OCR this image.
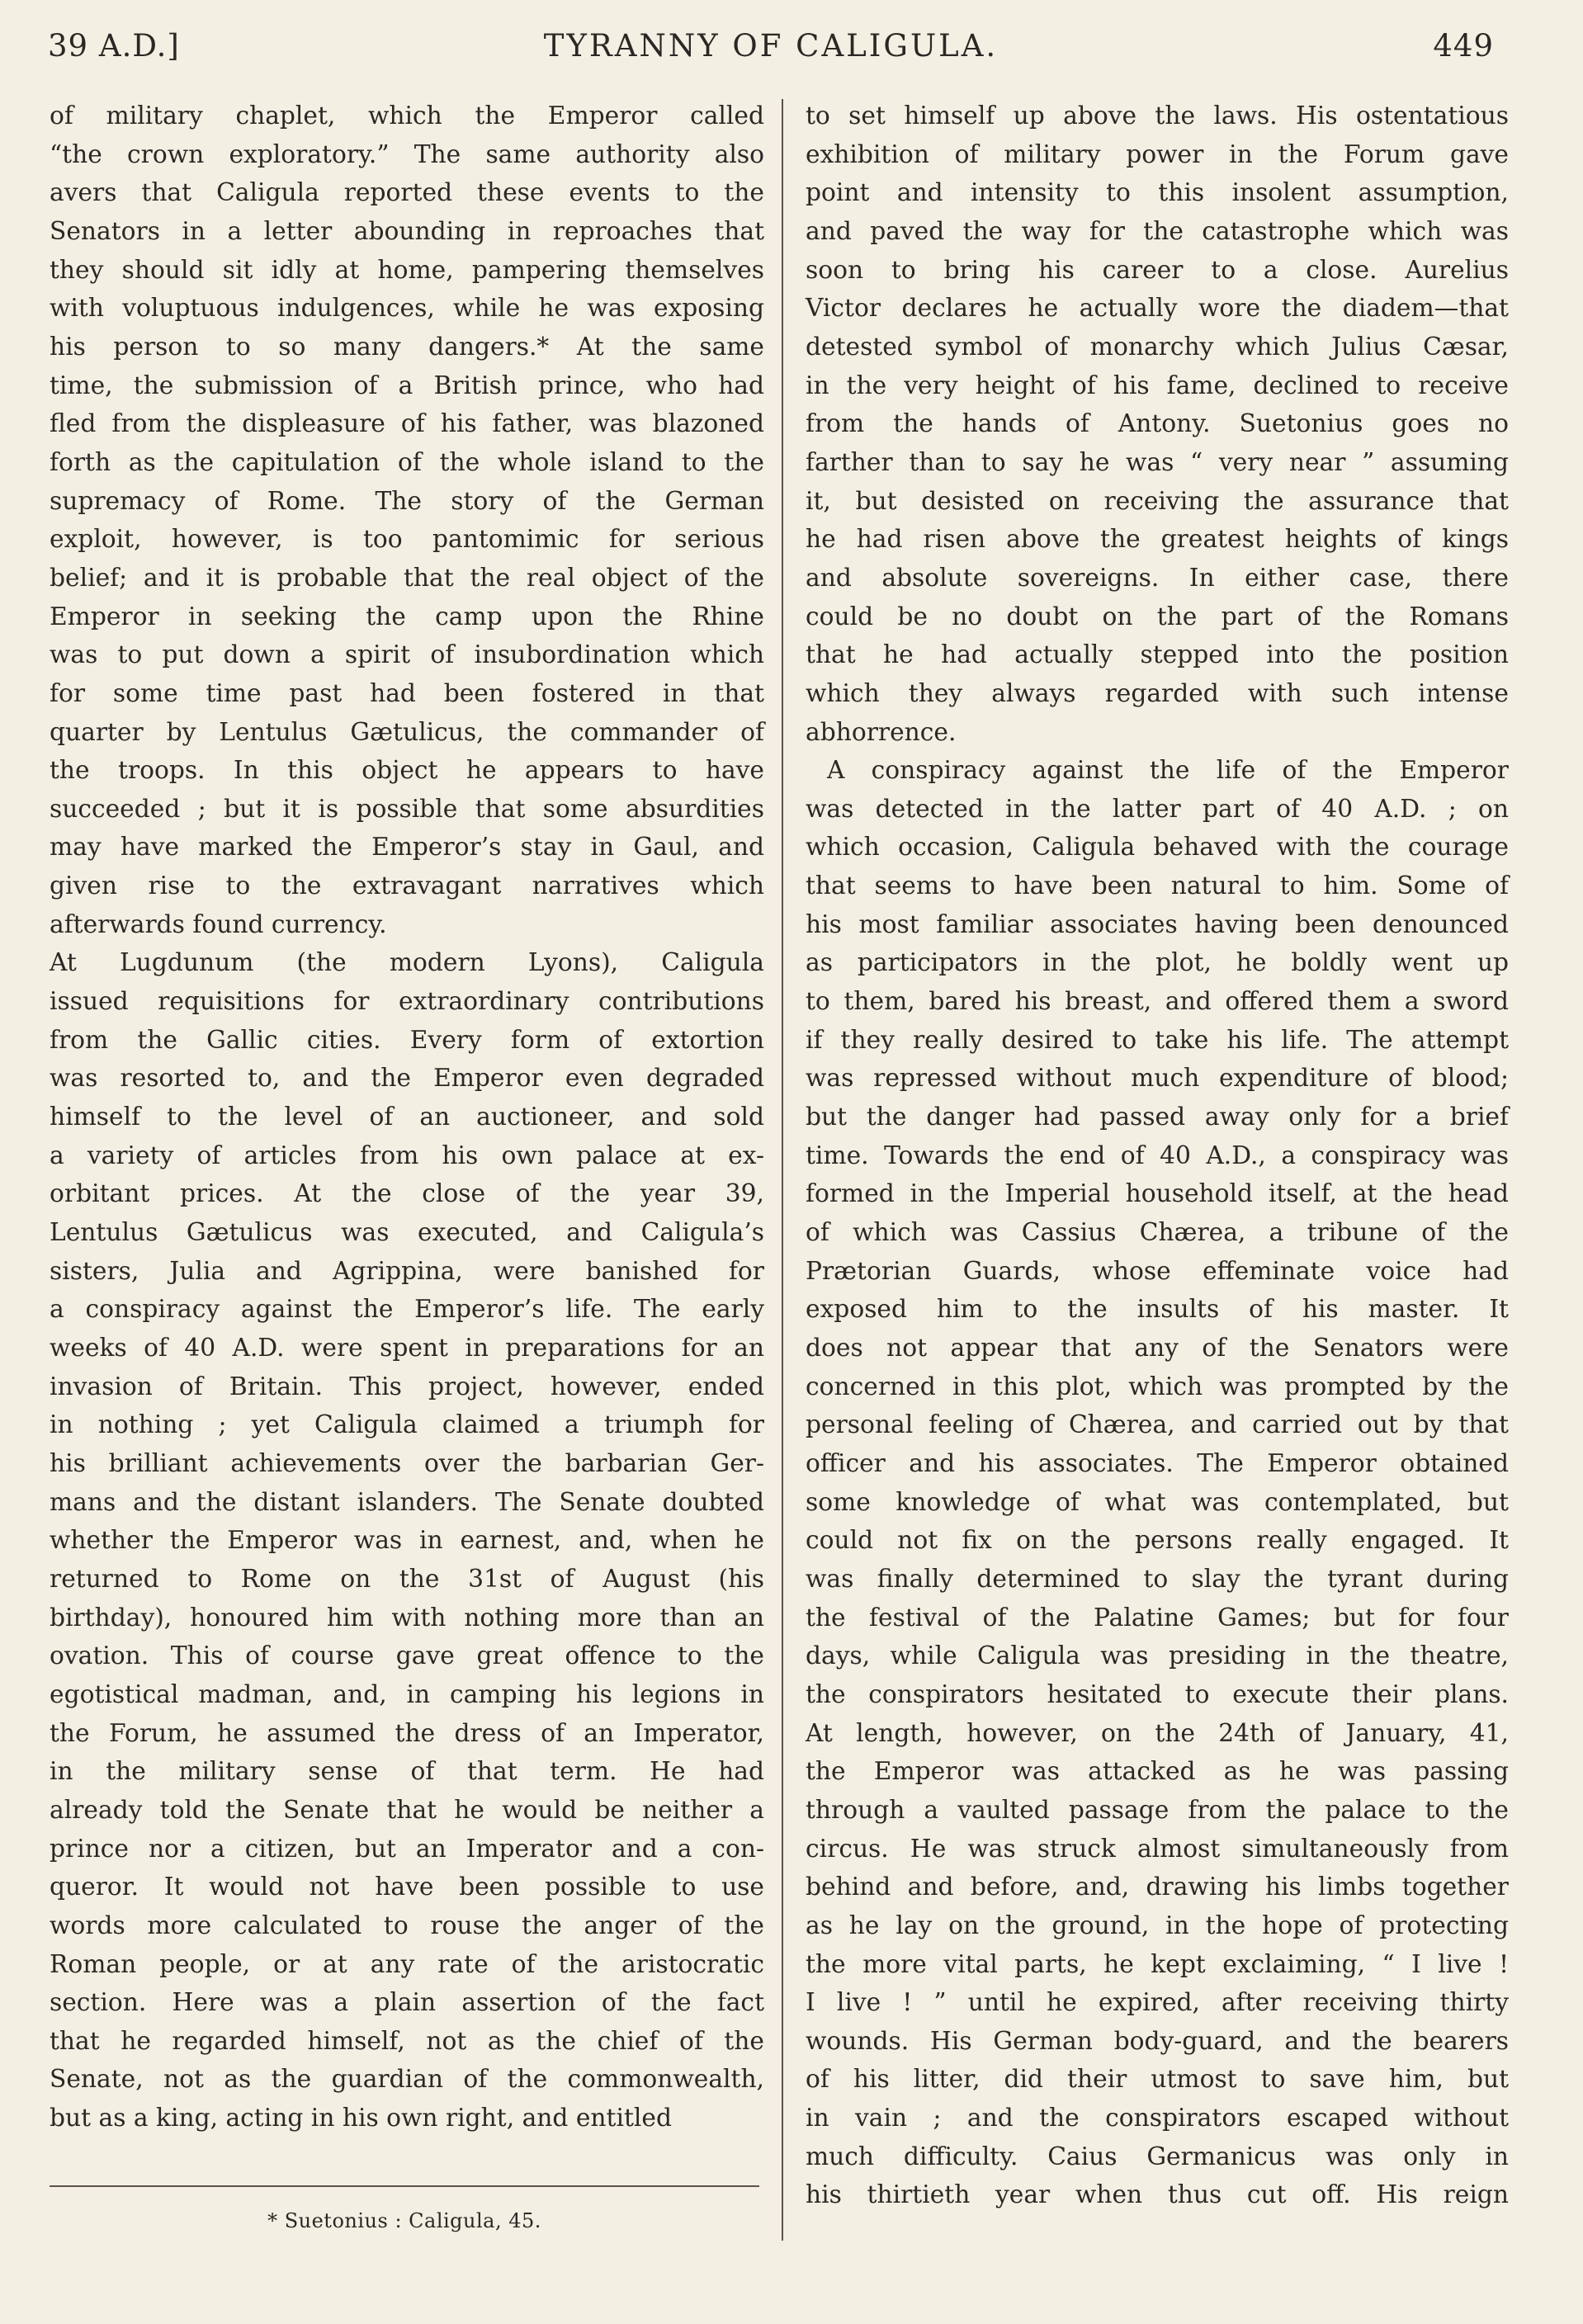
39 A.D.]	TYRANNY OF CALIGULA.	449
of military chaplet, which the Emperor called
“the crown exploratory.” The same authority also
avers that Caligula reported these events to the
Senators in a letter abounding in reproaches that
they should sit idly at home, pampering themselves
with voluptuous indulgences, while he was exposing
his person to so many dangers.* At the same
time, the submission of a British prince, who had
fled from the displeasure of his father, was blazoned
forth as the capitulation of the whole island to the
supremacy of Rome. The story of the German
exploit, however, is too pantomimic for serious
belief; and it is probable that the real object of the
Emperor in seeking the camp upon the Rhine
was to put down a spirit of insubordination which
for some time past had been fostered in that
quarter by Lentulus Gætulicus, the commander of
the troops. In this object he appears to have
succeeded ; but it is possible that some absurdities
may have marked the Emperor’s stay in Gaul, and
given rise to the extravagant narratives which
afterwards found currency.
At Lugdunum (the modern Lyons), Caligula
issued requisitions for extraordinary contributions
from the Gallic cities. Every form of extortion
was resorted to, and the Emperor even degraded
himself to the level of an auctioneer, and sold
a variety of articles from his own palace at ex-
orbitant prices. At the close of the year 39,
Lentulus Gætulicus was executed, and Caligula’s
sisters, Julia and Agrippina, were banished for
a conspiracy against the Emperor’s life. The early
weeks of 40 A.D. were spent in preparations for an
invasion of Britain. This project, however, ended
in nothing ; yet Caligula claimed a triumph for
his brilliant achievements over the barbarian Ger-
mans and the distant islanders. The Senate doubted
whether the Emperor was in earnest, and, when he
returned to Rome on the 31st of August (his
birthday), honoured him with nothing more than an
ovation. This of course gave great offence to the
egotistical madman, and, in camping his legions in
the Forum, he assumed the dress of an Imperator,
in the military sense of that term. He had
already told the Senate that he would be neither a
prince nor a citizen, but an Imperator and a con-
queror. It would not have been possible to use
words more calculated to rouse the anger of the
Roman people, or at any rate of the aristocratic
section. Here was a plain assertion of the fact
that he regarded himself, not as the chief of the
Senate, not as the guardian of the commonwealth,
but as a king, acting in his own right, and entitled
to set himself up above the laws. His ostentatious
exhibition of military power in the Forum gave
point and intensity to this insolent assumption,
and paved the way for the catastrophe which was
soon to bring his career to a close. Aurelius
Victor declares he actually wore the diadem—that
detested symbol of monarchy which Julius Cæsar,
in the very height of his fame, declined to receive
from the hands of Antony. Suetonius goes no
farther than to say he was “ very near ” assuming
it, but desisted on receiving the assurance that
he had risen above the greatest heights of kings
and absolute sovereigns. In either case, there
could be no doubt on the part of the Romans
that he had actually stepped into the position
which they always regarded with such intense
abhorrence.
A conspiracy against the life of the Emperor
was detected in the latter part of 40 A.D. ; on
which occasion, Caligula behaved with the courage
that seems to have been natural to him. Some of
his most familiar associates having been denounced
as participators in the plot, he boldly went up
to them, bared his breast, and offered them a sword
if they really desired to take his life. The attempt
was repressed without much expenditure of blood;
but the danger had passed away only for a brief
time. Towards the end of 40 A.D., a conspiracy was
formed in the Imperial household itself, at the head
of which was Cassius Chærea, a tribune of the
Prætorian Guards, whose effeminate voice had
exposed him to the insults of his master. It
does not appear that any of the Senators were
concerned in this plot, which was prompted by the
personal feeling of Chærea, and carried out by that
officer and his associates. The Emperor obtained
some knowledge of what was contemplated, but
could not fix on the persons really engaged. It
was finally determined to slay the tyrant during
the festival of the Palatine Games; but for four
days, while Caligula was presiding in the theatre,
the conspirators hesitated to execute their plans.
At length, however, on the 24th of January, 41,
the Emperor was attacked as he was passing
through a vaulted passage from the palace to the
circus. He was struck almost simultaneously from
behind and before, and, drawing his limbs together
as he lay on the ground, in the hope of protecting
the more vital parts, he kept exclaiming, “ I live !
I live ! ” until he expired, after receiving thirty
wounds. His German body-guard, and the bearers
of his litter, did their utmost to save him, but
in vain ; and the conspirators escaped without
much difficulty. Caius Germanicus was only in
his thirtieth year when thus cut off. His reign
* Suetonius : Caligula, 45.
